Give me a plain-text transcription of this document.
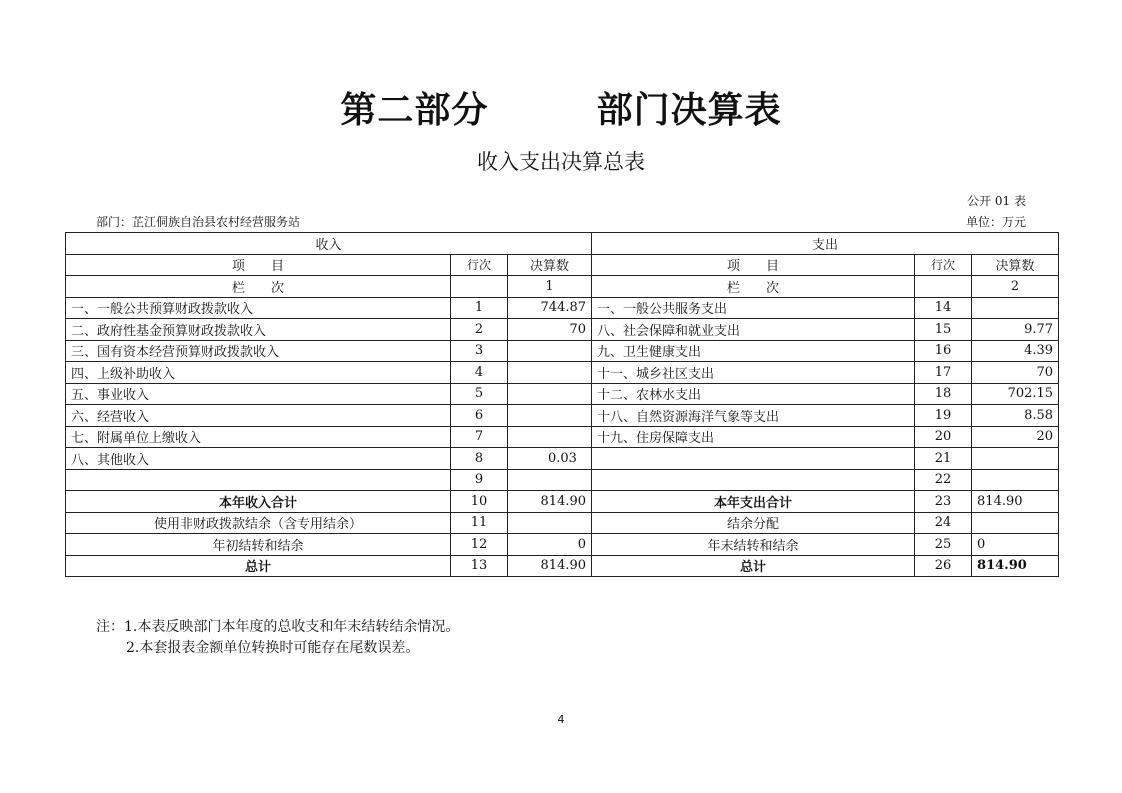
第二部分        部门决算表
收入支出决算总表
公开 01 表
部门：芷江侗族自治县农村经营服务站	单位：万元
收入			支出		
项　　目	行次	决算数	项　　目	行次	决算数
栏　　次		1	栏　　次		2
一、一般公共预算财政拨款收入	1	744.87	一、一般公共服务支出	14	
二、政府性基金预算财政拨款收入	2	70	八、社会保障和就业支出	15	9.77
三、国有资本经营预算财政拨款收入	3		九、卫生健康支出	16	4.39
四、上级补助收入	4		十一、城乡社区支出	17	70
五、事业收入	5		十二、农林水支出	18	702.15
六、经营收入	6		十八、自然资源海洋气象等支出	19	8.58
七、附属单位上缴收入	7		十九、住房保障支出	20	20
八、其他收入	8	0.03		21	
	9			22	
本年收入合计	10	814.90	本年支出合计	23	814.90
使用非财政拨款结余（含专用结余）	11		结余分配	24	
年初结转和结余	12	0	年末结转和结余	25	0
总计	13	814.90	总计	26	814.90
注：1.本表反映部门本年度的总收支和年末结转结余情况。
2.本套报表金额单位转换时可能存在尾数误差。
4
